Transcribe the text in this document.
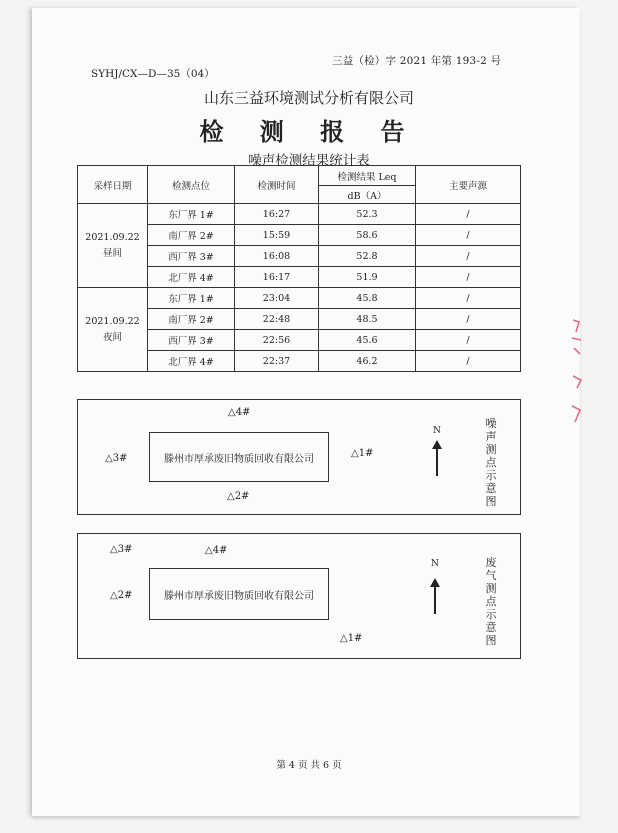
三益（检）字 2021 年第 193-2 号
SYHJ/CX—D—35（04）
山东三益环境测试分析有限公司
检 测 报 告
噪声检测结果统计表
采样日期	检测点位	检测时间	检测结果 Leq	主要声源
			dB（A）	

2021.09.22
昼间	东厂界 1#	16:27	52.3	/
	南厂界 2#	15:59	58.6	/
	西厂界 3#	16:08	52.8	/
	北厂界 4#	16:17	51.9	/

2021.09.22
夜间	东厂界 1#	23:04	45.8	/
	南厂界 2#	22:48	48.5	/
	西厂界 3#	22:56	45.6	/
	北厂界 4#	22:37	46.2	/
△4#
滕州市厚承废旧物质回收有限公司
△3#	△1#
△2#
N
噪声测点示意图
△3#	△4#
滕州市厚承废旧物质回收有限公司
△2#
△1#
N	废气测点示意图
第 4 页 共 6 页
